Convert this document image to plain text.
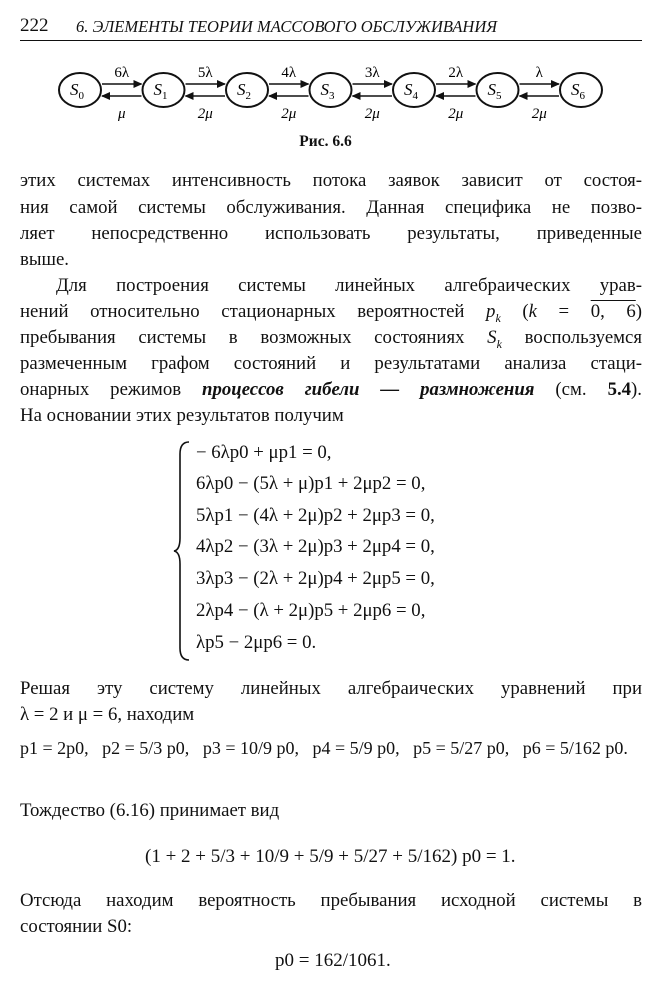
222 6. ЭЛЕМЕНТЫ ТЕОРИИ МАССОВОГО ОБСЛУЖИВАНИЯ
$S_0$	$S_1$	$S_2$	$S_3$	$S_4$	$S_5$	$S_6$
6λ
μ
5λ
2μ
4λ
2μ
3λ
2μ
2λ
2μ
λ
2μ
Рис. 6.6
этих системах интенсивность потока заявок зависит от состоя-
ния самой системы обслуживания. Данная специфика не позво-
ляет непосредственно использовать результаты, приведенные
выше.
Для построения системы линейных алгебраических урав-
нений относительно стационарных вероятностей $p_k$ (k = 0, 6)
пребывания системы в возможных состояниях $S_k$ воспользуемся
размеченным графом состояний и результатами анализа стаци-
онарных режимов процессов гибели — размножения (см. 5.4).
На основании этих результатов получим
− 6λp0 + μp1 = 0,
6λp0 − (5λ + μ)p1 + 2μp2 = 0,
5λp1 − (4λ + 2μ)p2 + 2μp3 = 0,
4λp2 − (3λ + 2μ)p3 + 2μp4 = 0,
3λp3 − (2λ + 2μ)p4 + 2μp5 = 0,
2λp4 − (λ + 2μ)p5 + 2μp6 = 0,
λp5 − 2μp6 = 0.
Решая эту систему линейных алгебраических уравнений при
λ = 2 и μ = 6, находим
p1 = 2p0, p2 = 5/3 p0, p3 = 10/9 p0, p4 = 5/9 p0, p5 = 5/27 p0, p6 = 5/162 p0.
Тождество (6.16) принимает вид
(1 + 2 + 5/3 + 10/9 + 5/9 + 5/27 + 5/162) p0 = 1.
Отсюда находим вероятность пребывания исходной системы в
состоянии S0:
p0 = 162/1061.
